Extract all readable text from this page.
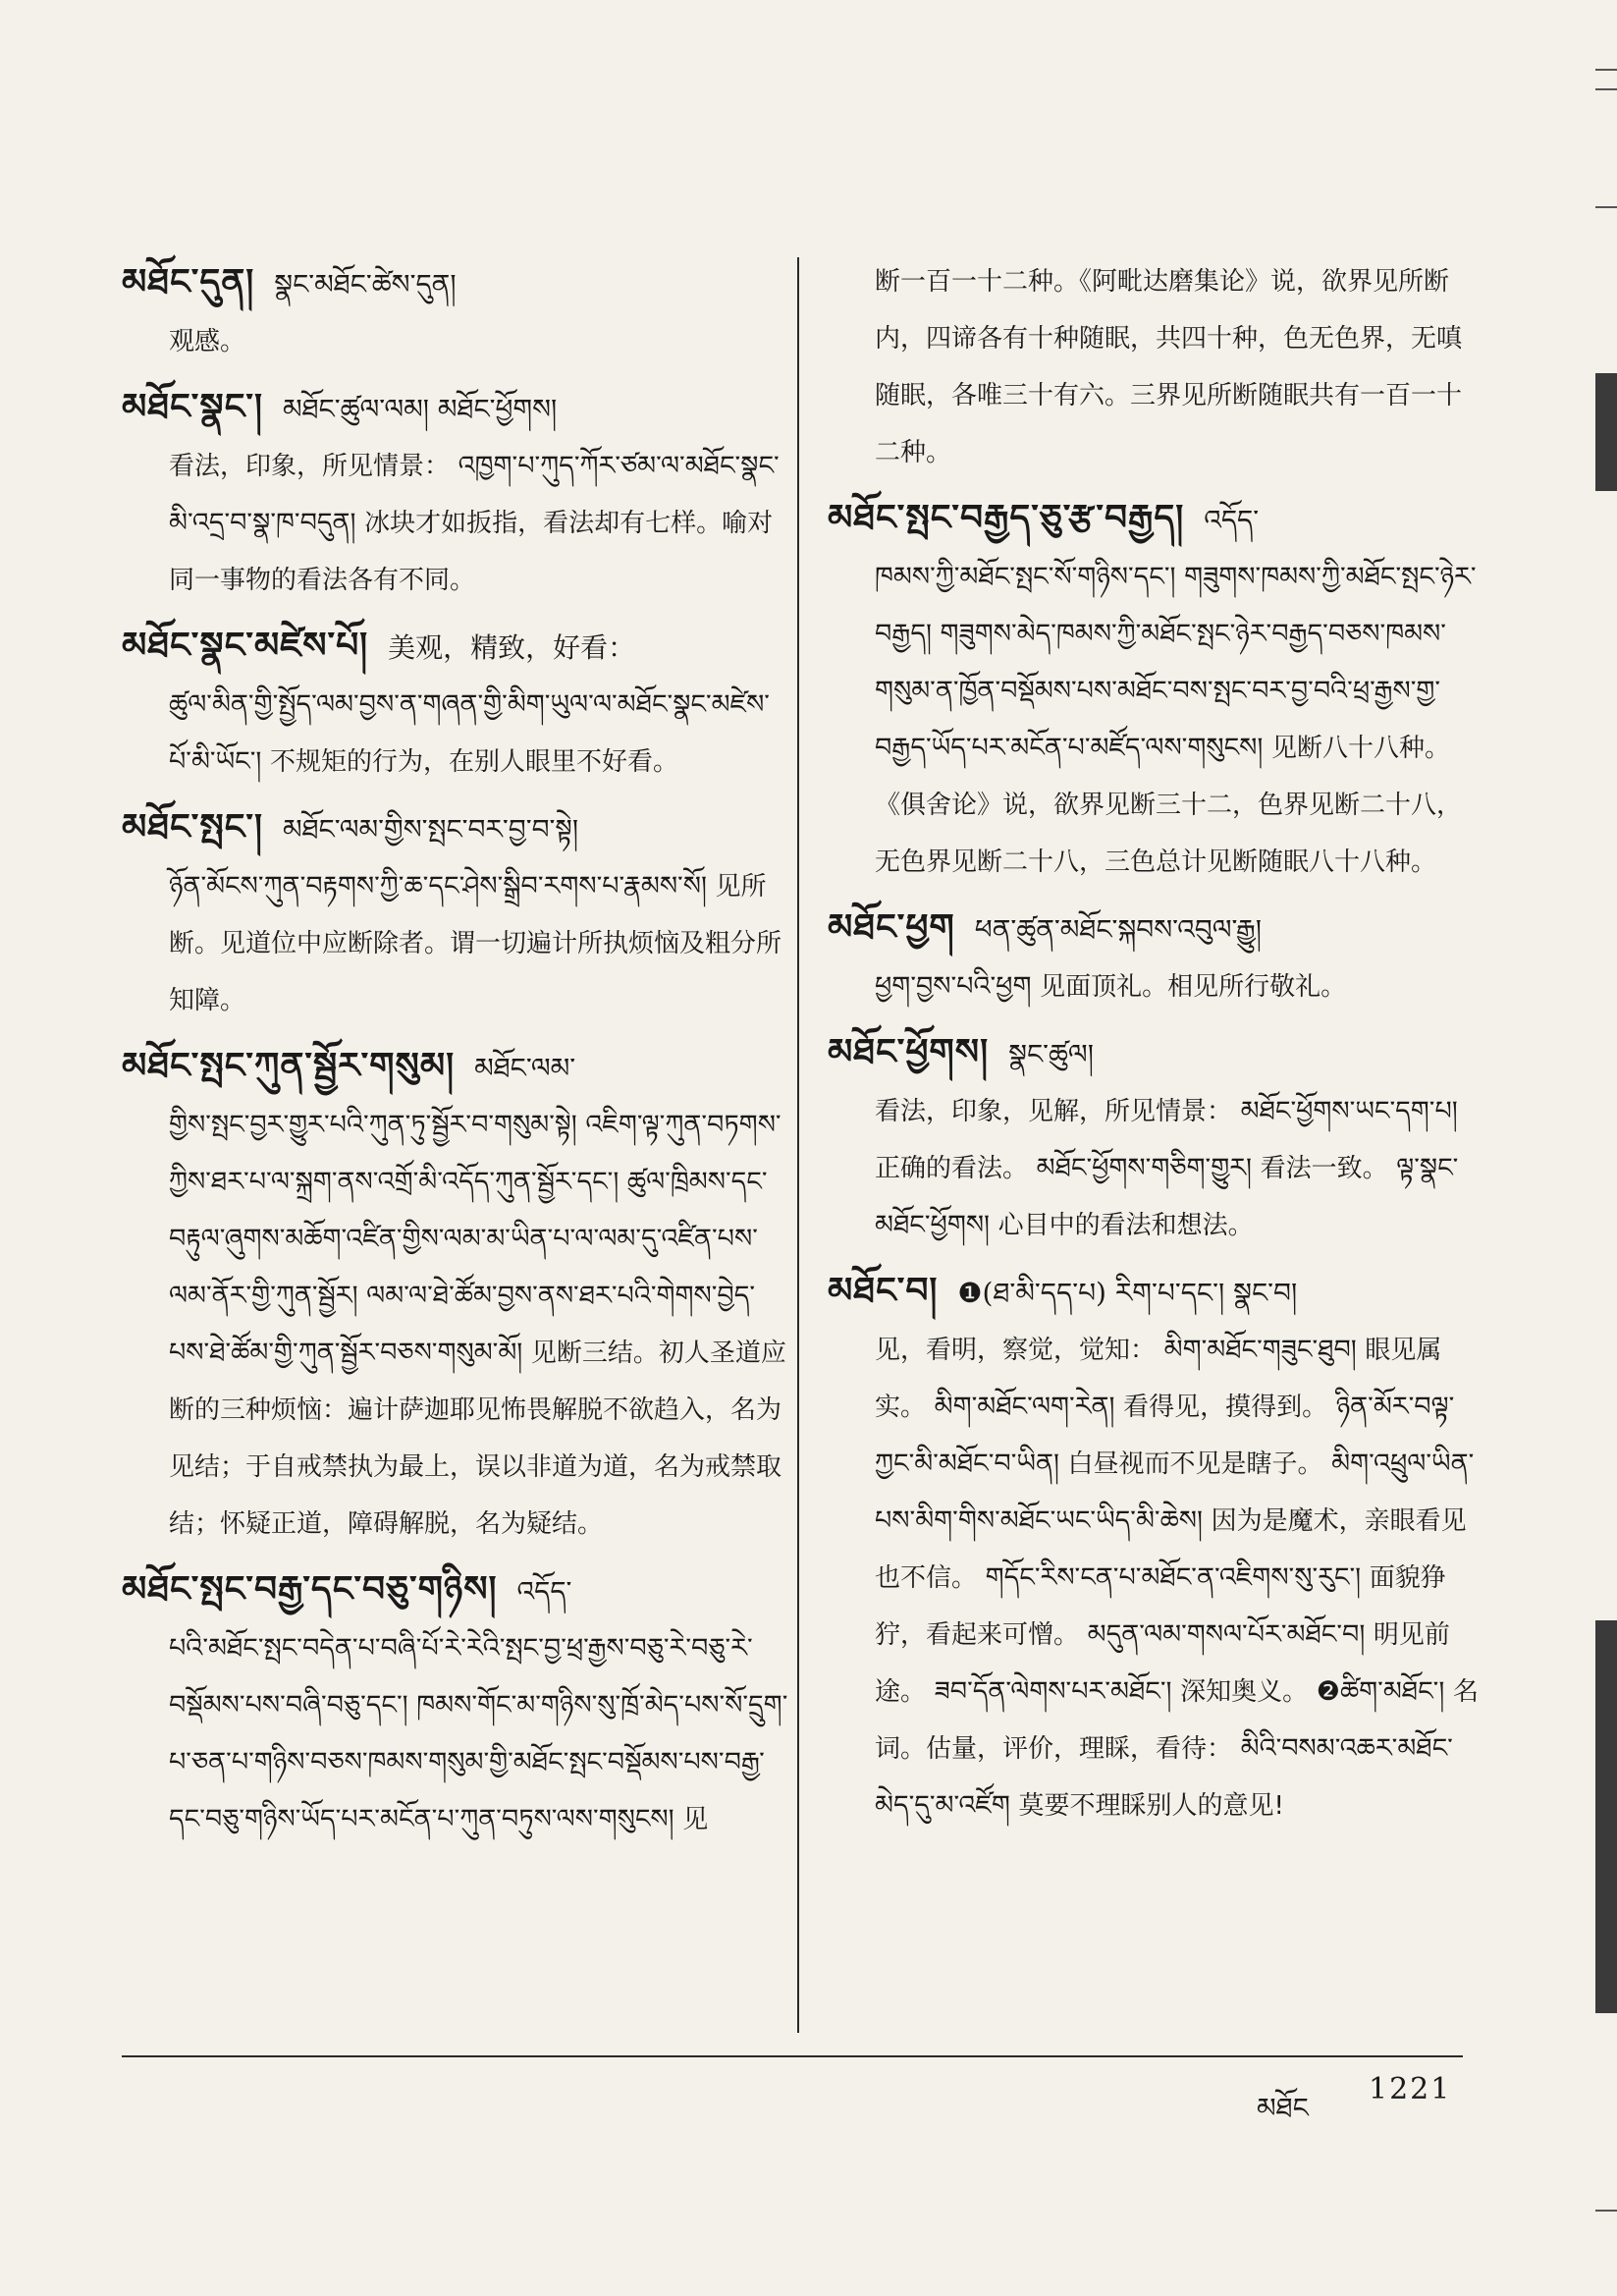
མཐོང་དུན། སྣང་མཐོང་ཚེས་དུན།
观感。
མཐོང་སྣང་། མཐོང་ཚུལ་ལམ། མཐོང་ཕྱོགས།
看法，印象，所见情景： འཁྱག་པ་ཀུད་ཀོར་ཙམ་ལ་མཐོང་སྣང་མི་འདྲ་བ་སྣ་ཁ་བདུན། 冰块才如扳指，看法却有七样。喻对同一事物的看法各有不同。
མཐོང་སྣང་མཛེས་པོ། 美观，精致，好看：
ཚུལ་མིན་གྱི་སྤྱོད་ལམ་བྱས་ན་གཞན་གྱི་མིག་ཡུལ་ལ་མཐོང་སྣང་མཛེས་པོ་མི་ཡོང་། 不规矩的行为，在别人眼里不好看。
མཐོང་སྤང་། མཐོང་ལམ་གྱིས་སྤང་བར་བྱ་བ་སྟེ།
ཉོན་མོངས་ཀུན་བརྟགས་ཀྱི་ཆ་དང་ཤེས་སྒྲིབ་རགས་པ་རྣམས་སོ། 见所断。见道位中应断除者。谓一切遍计所执烦恼及粗分所知障。
མཐོང་སྤང་ཀུན་སྦྱོར་གསུམ། མཐོང་ལམ་
གྱིས་སྤང་བྱར་གྱུར་པའི་ཀུན་ཏུ་སྦྱོར་བ་གསུམ་སྟེ། འཇིག་ལྟ་ཀུན་བཏགས་ཀྱིས་ཐར་པ་ལ་སྐྲག་ནས་འགྲོ་མི་འདོད་ཀུན་སྦྱོར་དང་། ཚུལ་ཁྲིམས་དང་བརྟུལ་ཞུགས་མཆོག་འཛིན་གྱིས་ལམ་མ་ཡིན་པ་ལ་ལམ་དུ་འཛིན་པས་ལམ་ནོར་གྱི་ཀུན་སྦྱོར། ལམ་ལ་ཐེ་ཚོམ་བྱས་ནས་ཐར་པའི་གེགས་བྱེད་པས་ཐེ་ཚོམ་གྱི་ཀུན་སྦྱོར་བཅས་གསུམ་མོ། 见断三结。初人圣道应断的三种烦恼：遍计萨迦耶见怖畏解脱不欲趋入，名为见结；于自戒禁执为最上，误以非道为道，名为戒禁取结；怀疑正道，障碍解脱，名为疑结。
མཐོང་སྤང་བརྒྱ་དང་བཅུ་གཉིས། འདོད་
པའི་མཐོང་སྤང་བདེན་པ་བཞི་པོ་རེ་རེའི་སྤང་བྱ་ཕྲ་རྒྱས་བཅུ་རེ་བཅུ་རེ་བསྡོམས་པས་བཞི་བཅུ་དང་། ཁམས་གོང་མ་གཉིས་སུ་ཁྲོ་མེད་པས་སོ་དྲུག་པ་ཅན་པ་གཉིས་བཅས་ཁམས་གསུམ་གྱི་མཐོང་སྤང་བསྡོམས་པས་བརྒྱ་དང་བཅུ་གཉིས་ཡོད་པར་མངོན་པ་ཀུན་བཏུས་ལས་གསུངས། 见
断一百一十二种。《阿毗达磨集论》说，欲界见所断内，四谛各有十种随眠，共四十种，色无色界，无嗔随眠，各唯三十有六。三界见所断随眠共有一百一十二种。
མཐོང་སྤང་བརྒྱད་ཅུ་རྩ་བརྒྱད། འདོད་
ཁམས་ཀྱི་མཐོང་སྤང་སོ་གཉིས་དང་། གཟུགས་ཁམས་ཀྱི་མཐོང་སྤང་ཉེར་བརྒྱད། གཟུགས་མེད་ཁམས་ཀྱི་མཐོང་སྤང་ཉེར་བརྒྱད་བཅས་ཁམས་གསུམ་ན་ཁྱོན་བསྡོམས་པས་མཐོང་བས་སྤང་བར་བྱ་བའི་ཕྲ་རྒྱས་གྱ་བརྒྱད་ཡོད་པར་མངོན་པ་མཛོད་ལས་གསུངས། 见断八十八种。《俱舍论》说，欲界见断三十二，色界见断二十八，无色界见断二十八，三色总计见断随眠八十八种。
མཐོང་ཕྱག ཕན་ཚུན་མཐོང་སྐབས་འབུལ་རྒྱུ།
ཕྱག་བྱས་པའི་ཕྱག 见面顶礼。相见所行敬礼。
མཐོང་ཕྱོགས། སྣང་ཚུལ།
看法，印象，见解，所见情景： མཐོང་ཕྱོགས་ཡང་དག་པ། 正确的看法。 མཐོང་ཕྱོགས་གཅིག་གྱུར། 看法一致。 ལྟ་སྣང་མཐོང་ཕྱོགས། 心目中的看法和想法。
མཐོང་བ། ❶(ཐ་མི་དད་པ) རིག་པ་དང་། སྣང་བ།
见，看明，察觉，觉知： མིག་མཐོང་གཟུང་ཐུབ། 眼见属实。 མིག་མཐོང་ལག་རེན། 看得见，摸得到。 ཉིན་མོར་བལྟ་ཀྱང་མི་མཐོང་བ་ཡིན། 白昼视而不见是瞎子。 མིག་འཕྲུལ་ཡིན་པས་མིག་གིས་མཐོང་ཡང་ཡིད་མི་ཆེས། 因为是魔术，亲眼看见也不信。 གདོང་རིས་ངན་པ་མཐོང་ན་འཇིགས་སུ་རུང་། 面貌狰狞，看起来可憎。 མདུན་ལམ་གསལ་པོར་མཐོང་བ། 明见前途。 ཟབ་དོན་ལེགས་པར་མཐོང་། 深知奥义。 ❷ཚིག་མཐོང་། 名词。估量，评价，理睬，看待： མིའི་བསམ་འཆར་མཐོང་མེད་དུ་མ་འཛོག 莫要不理睬别人的意见!
མཐོང
1221
